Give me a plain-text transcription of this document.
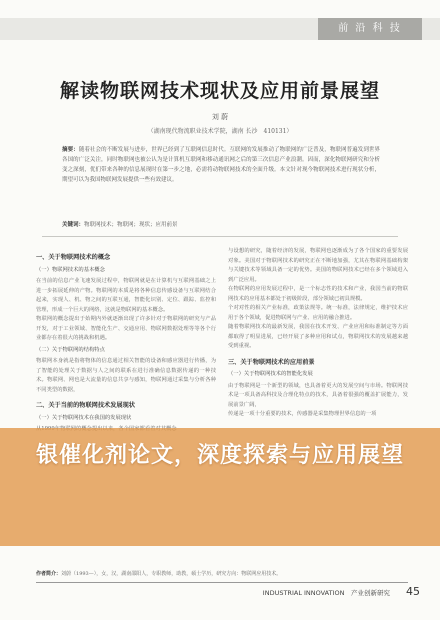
前 沿 科 技
解读物联网技术现状及应用前景展望
刘 蔚
（湖南现代物流职业技术学院，湖南 长沙　410131）
摘要：随着社会的不断发展与进步，世界已经到了互联网信息时代。互联网的发展推动了物联网的广泛普及，物联网普遍发到世界各国的广泛关注，同时物联网也被公认为是计算机互联网和移动通讯网之后的第三次信息产业浪潮。因而，深化物联网研究和分析变之深刻，优们带来各种的信息展现时在第一步之地，必需将动物联网技术的全面升级。本文针对现今物联网技术进行现状分析，期望可以为我国物联网发展提供一些有效建议。
关键词：物联网技术；物联网；现状；应用前景
一、关于物联网技术的概念
（一）物联网技术的基本概念

在当前的信息产业飞速发展过程中，物联网就是在计算机与互联网基础之上进一步拓展延伸的产物。物联网的本质是将各种信息传感设备与互联网结合起来，实现人、机、物之间的互联互通，智能化识别、定位、跟踪、监控和管理，形成一个巨大的网络，这就是物联网的基本概念。

物联网的概念提出于始期内外就逐渐出现了许多针对于物联网的研究与产品开发，对于工业领域、智能化生产、交通应用、物联网数据处理等等各个行业都存在着很大的挑战和机遇。

（二）关于物联网的结构特点

物联网本身就是指将物体的信息通过相关智能的设备和感应器进行传播，为了智能的处理关于数据与人之间的联系在进行准确信息数据传递的一种技术。物联网、网也是大流量的信息共享与感知，物联网通过采集与分析各种不同类型的数据，

二、关于当前的物联网技术发展现状
（一）关于物联网技术在我国的发展现状

与设想的研究，随着经济的发展，物联网也逐渐成为了各个国家的重要发展对象。美国对于物联网技术的研究正在不断地加强，尤其在物联网基础构架与关键技术等领域具备一定的优势。美国的物联网技术已经在多个领域进入到广泛应用。

在物联网的应用发展过程中，是一个标志性的技术和产业，我国当前的物联网技术的应用基本都处于初级阶段，部分领域已初具规模。

个对对性的相关产业标准，政策法规等。统一标准，法律规定，维护技术应用于各个领域，促进物联网与产业、应用的融合推进。

随着物联网技术的最新发展，我国在技术开发、产业应用和标准制定等方面都取得了明显进展，已经开展了多种应用和试点，物联网技术的发展越来越受到重视。

三、关于物联网技术的应用前景
（一）关于物联网技术的智能化发展

由于物联网是一个新型的领域，也具备着更大的发展空间与市场。物联网技术是一项具备高科技及合理化特点的技术，具备着很强的覆盖扩展能力，发展前景广阔，

传递是一项十分重要的技术，传感器是采集物理世界信息的一项

银催化剂论文，深度探索与应用展望
作者简介：刘蔚（1993—），女，汉，湖南邵阳人，专职教师，助教，硕士学历，研究方向：物联网应用技术。
INDUSTRIAL INNOVATION　产业创新研究 45
